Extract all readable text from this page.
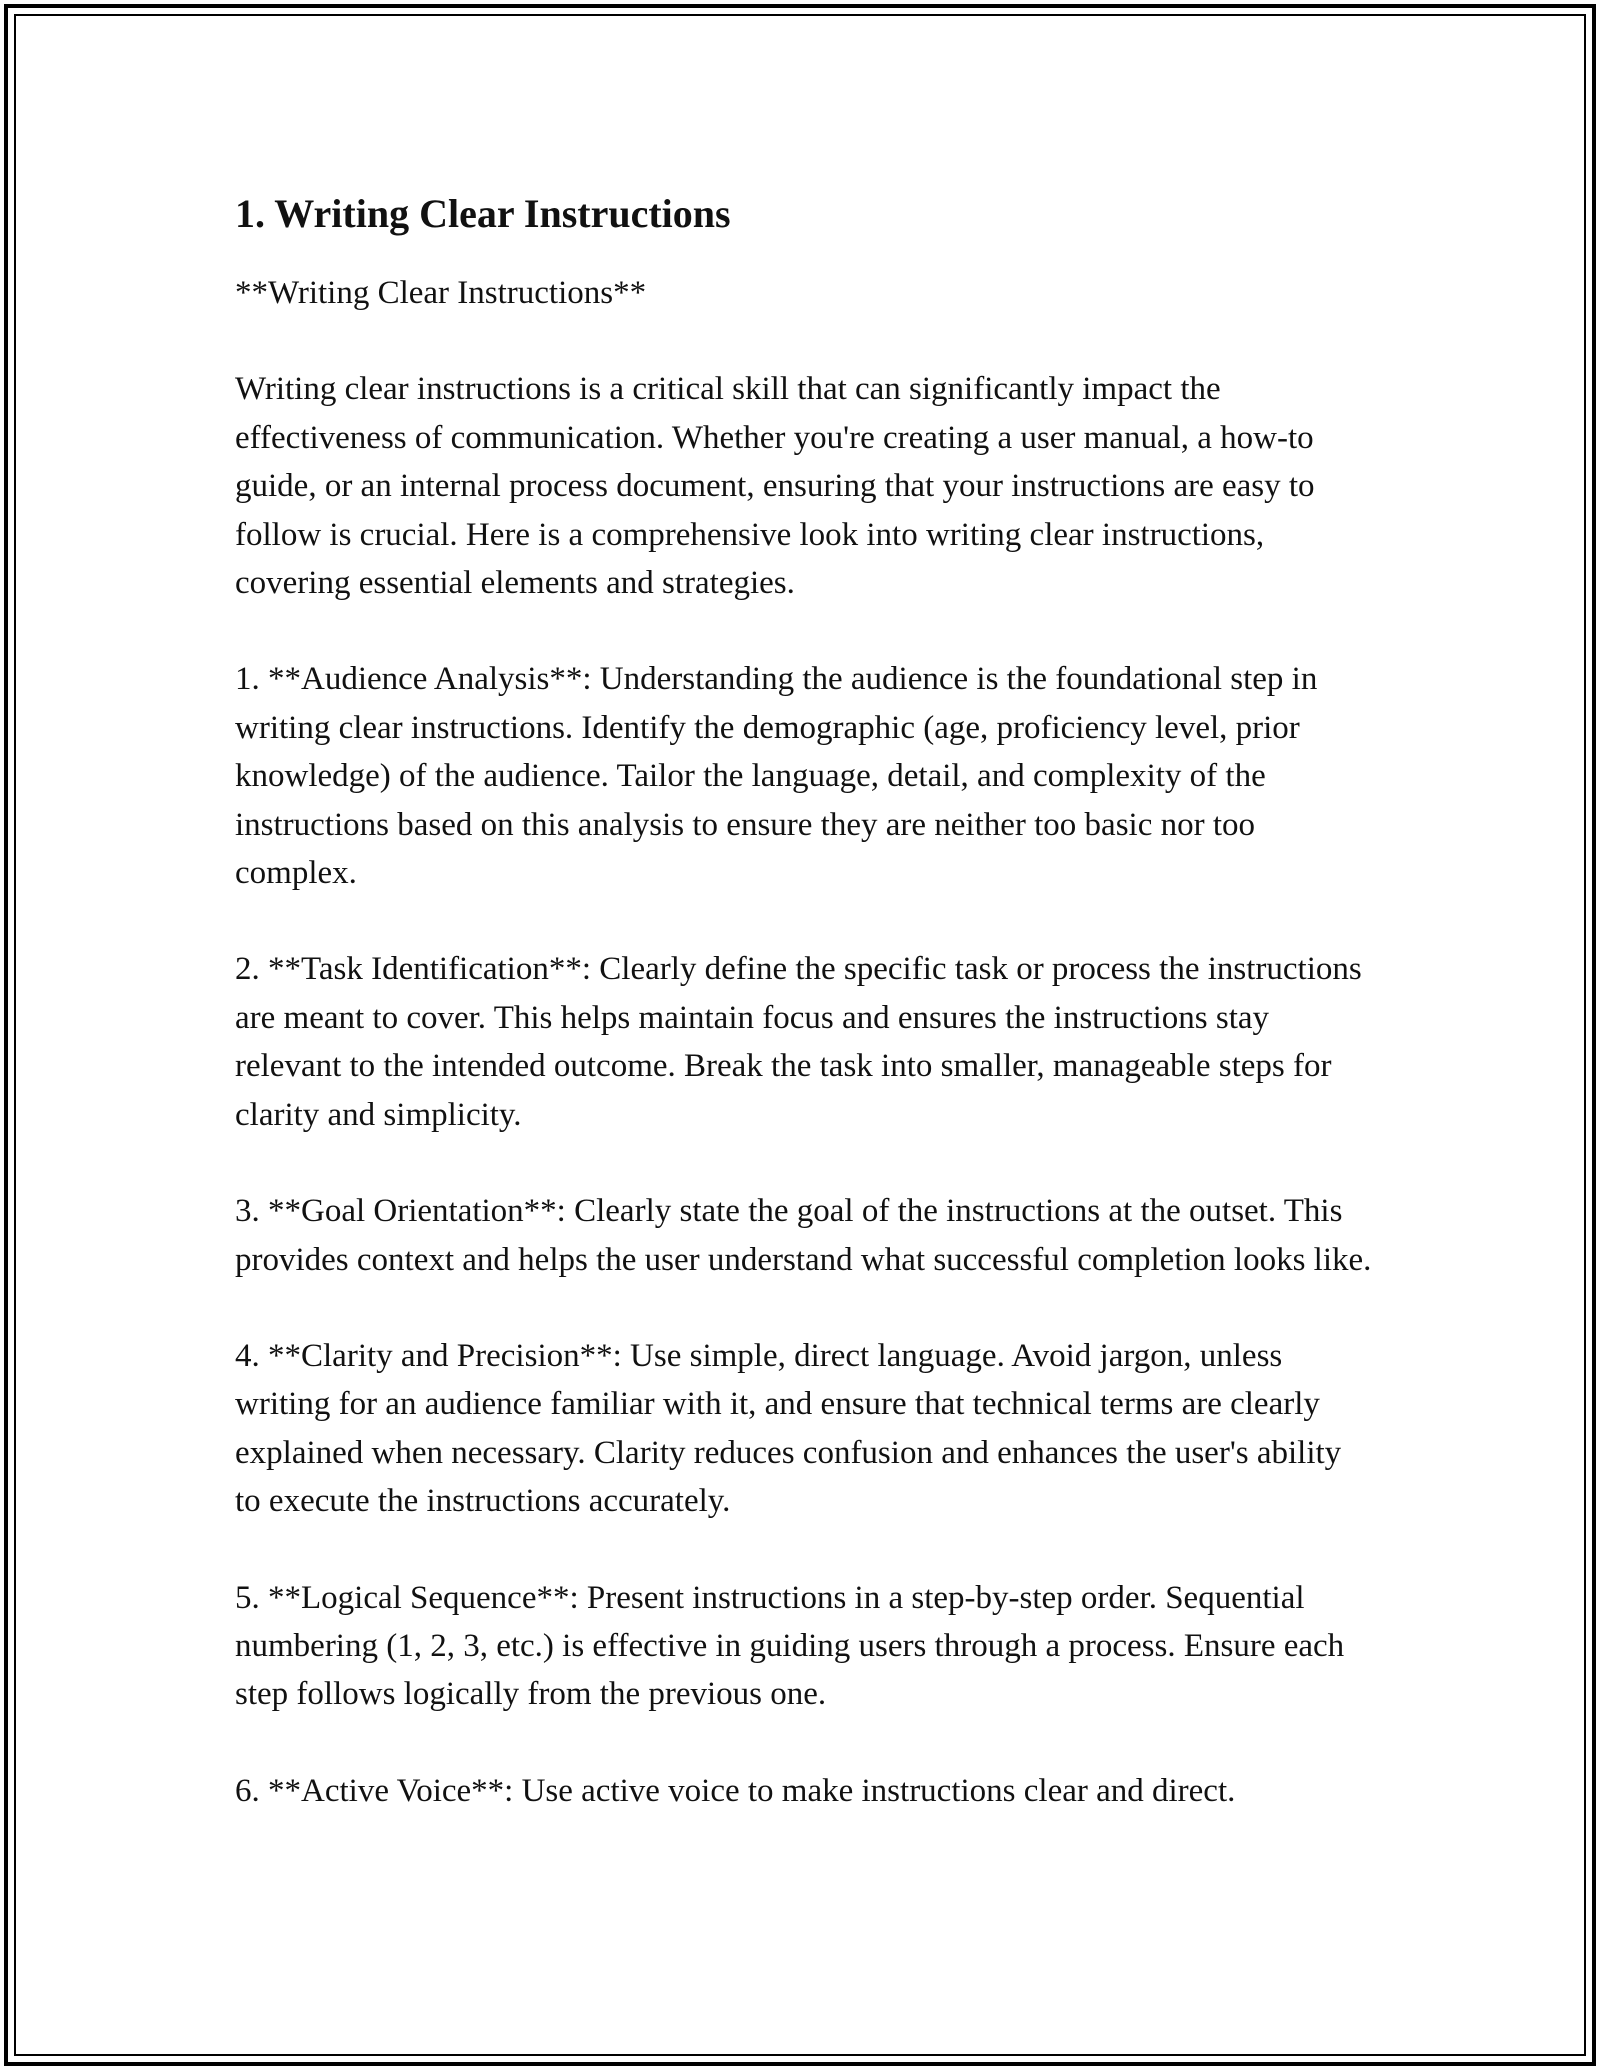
1. Writing Clear Instructions

**Writing Clear Instructions**

Writing clear instructions is a critical skill that can significantly impact the effectiveness of communication. Whether you're creating a user manual, a how-to guide, or an internal process document, ensuring that your instructions are easy to follow is crucial. Here is a comprehensive look into writing clear instructions, covering essential elements and strategies.

1. **Audience Analysis**: Understanding the audience is the foundational step in writing clear instructions. Identify the demographic (age, proficiency level, prior knowledge) of the audience. Tailor the language, detail, and complexity of the instructions based on this analysis to ensure they are neither too basic nor too complex.

2. **Task Identification**: Clearly define the specific task or process the instructions are meant to cover. This helps maintain focus and ensures the instructions stay relevant to the intended outcome. Break the task into smaller, manageable steps for clarity and simplicity.

3. **Goal Orientation**: Clearly state the goal of the instructions at the outset. This provides context and helps the user understand what successful completion looks like.

4. **Clarity and Precision**: Use simple, direct language. Avoid jargon, unless writing for an audience familiar with it, and ensure that technical terms are clearly explained when necessary. Clarity reduces confusion and enhances the user's ability to execute the instructions accurately.

5. **Logical Sequence**: Present instructions in a step-by-step order. Sequential numbering (1, 2, 3, etc.) is effective in guiding users through a process. Ensure each step follows logically from the previous one.

6. **Active Voice**: Use active voice to make instructions clear and direct.
